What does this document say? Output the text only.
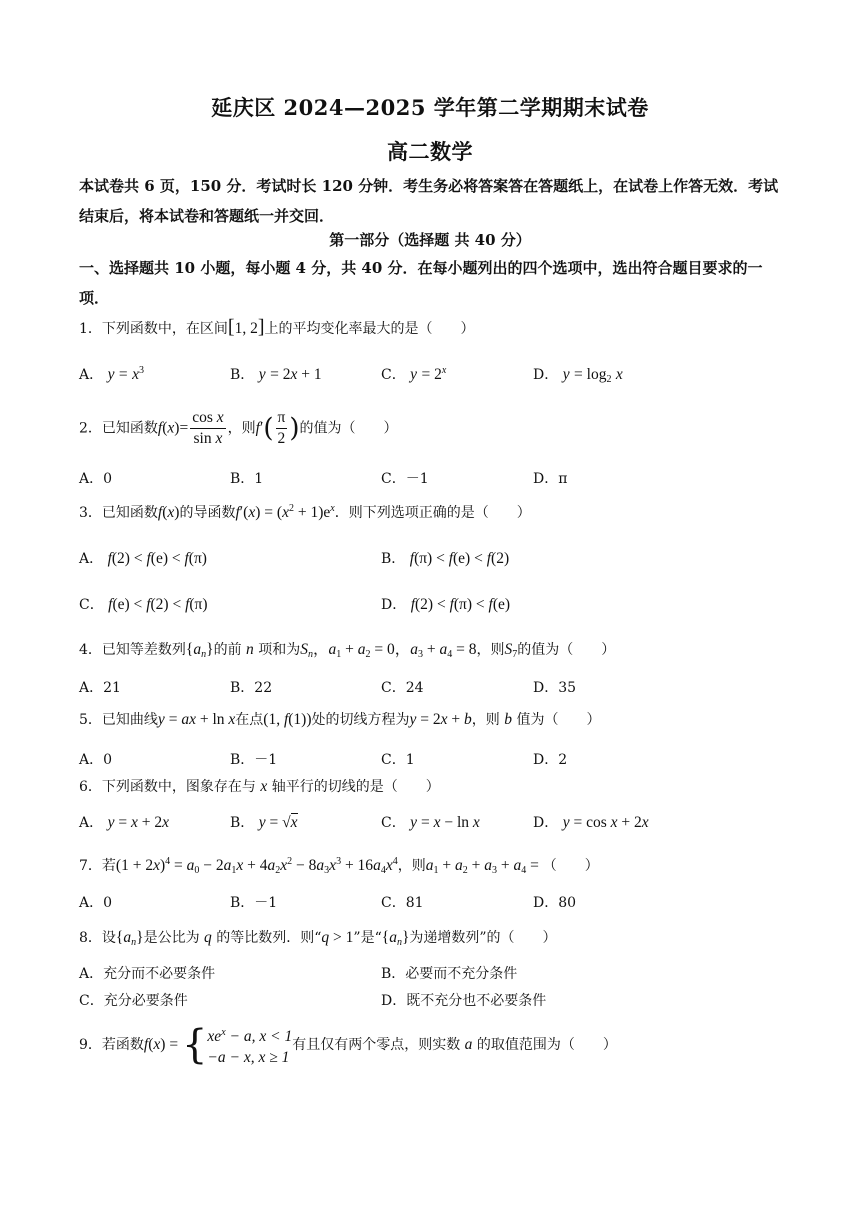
延庆区 2024—2025 学年第二学期期末试卷
高二数学
本试卷共 6 页，150 分．考试时长 120 分钟．考生务必将答案答在答题纸上，在试卷上作答无效．考试结束后，将本试卷和答题纸一并交回．
第一部分（选择题 共 40 分）
一、选择题共 10 小题，每小题 4 分，共 40 分．在每小题列出的四个选项中，选出符合题目要求的一项．
1．下列函数中，在区间[1, 2]上的平均变化率最大的是（　　）
A． $y = x^3$	B． y = 2x + 1	C． $y = 2^x$	D． $y = \log_2 x$
2．已知函数$f(x)= \frac{\text{cos x}}{\text{sin x}}$ ，则$f'( \frac{\pi}{2}$ )的值为（　　）
A．0	B．1	C．－1	D．π
3．已知函数f(x)的导函数$f'(x) = (x^2 + 1)e^x$．则下列选项正确的是（　　）
A． f(2) < f(e) < f(π)	B． f(π) < f(e) < f(2)
C． f(e) < f(2) < f(π)	D． f(2) < f(π) < f(e)
4．已知等差数列$\{a_n\}$的前 n 项和为$S_n$，$a_1 + a_2 = 0$，$a_3 + a_4 = 8$，则$S_7$的值为（　　）
A．21	B．22	C．24	D．35
5．已知曲线y = ax + ln x在点(1, f(1))处的切线方程为y = 2x + b，则 b 值为（　　）
A．0	B．－1	C．1	D．2
6．下列函数中，图象存在与 x 轴平行的切线的是（　　）
A． y = x + 2x	B． y = √x	C． y = x − ln x	D． y = cos x + 2x
7．若$(1 + 2x)^4 = a_0 - 2a_1x + 4a_2x^2 - 8a_3x^3 + 16a_4x^4$，则$a_1 + a_2 + a_3 + a_4$ = （　　）
A．0	B．－1	C．81	D．80
8．设$\{a_n\}$是公比为 q 的等比数列．则“q > 1”是“$\{a_n\}$为递增数列”的（　　）
A．充分而不必要条件	B．必要而不充分条件
C．充分必要条件	D．既不充分也不必要条件
9．若函数f(x) = { $xe^x - a$, x < 1
−a − x, x ≥ 1
有且仅有两个零点，则实数 a 的取值范围为（　　）
